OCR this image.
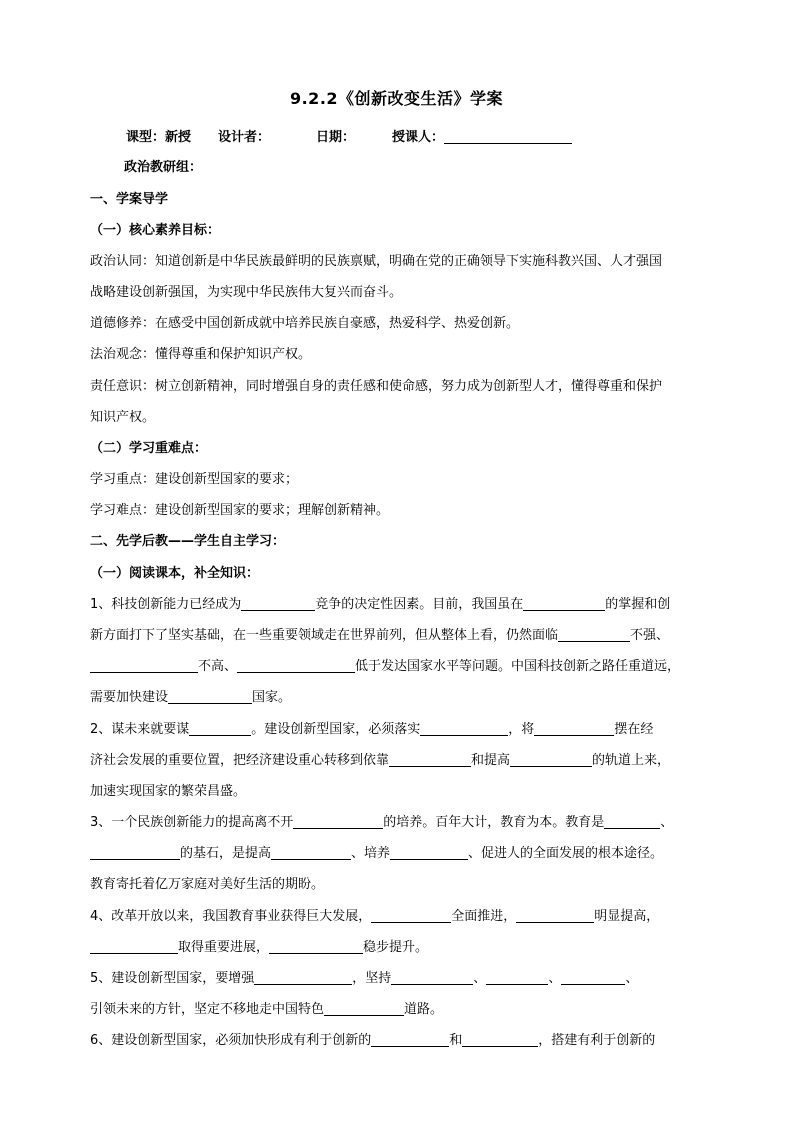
9.2.2《创新改变生活》学案
课型：新授 设计者：	日期：	授课人：
政治教研组：
一、学案导学
（一）核心素养目标：
政治认同：知道创新是中华民族最鲜明的民族禀赋，明确在党的正确领导下实施科教兴国、人才强国
战略建设创新强国，为实现中华民族伟大复兴而奋斗。
道德修养：在感受中国创新成就中培养民族自豪感，热爱科学、热爱创新。
法治观念：懂得尊重和保护知识产权。
责任意识：树立创新精神，同时增强自身的责任感和使命感，努力成为创新型人才，懂得尊重和保护
知识产权。
（二）学习重难点：
学习重点：建设创新型国家的要求；
学习难点：建设创新型国家的要求；理解创新精神。
二、先学后教——学生自主学习：
（一）阅读课本，补全知识：
1、科技创新能力已经成为	竞争的决定性因素。目前，我国虽在	的掌握和创
新方面打下了坚实基础，在一些重要领域走在世界前列，但从整体上看，仍然面临	不强、
不高、	低于发达国家水平等问题。中国科技创新之路任重道远，
需要加快建设	国家。
2、谋未来就要谋	。建设创新型国家，必须落实	，将	摆在经
济社会发展的重要位置，把经济建设重心转移到依靠	和提高	的轨道上来，
加速实现国家的繁荣昌盛。
3、一个民族创新能力的提高离不开	的培养。百年大计，教育为本。教育是	、
的基石，是提高	、培养	、促进人的全面发展的根本途径。
教育寄托着亿万家庭对美好生活的期盼。
4、改革开放以来，我国教育事业获得巨大发展，	全面推进，	明显提高，
取得重要进展，	稳步提升。
5、建设创新型国家，要增强	，坚持	、	、	、
引领未来的方针，坚定不移地走中国特色	道路。
6、建设创新型国家，必须加快形成有利于创新的	和	，搭建有利于创新的
